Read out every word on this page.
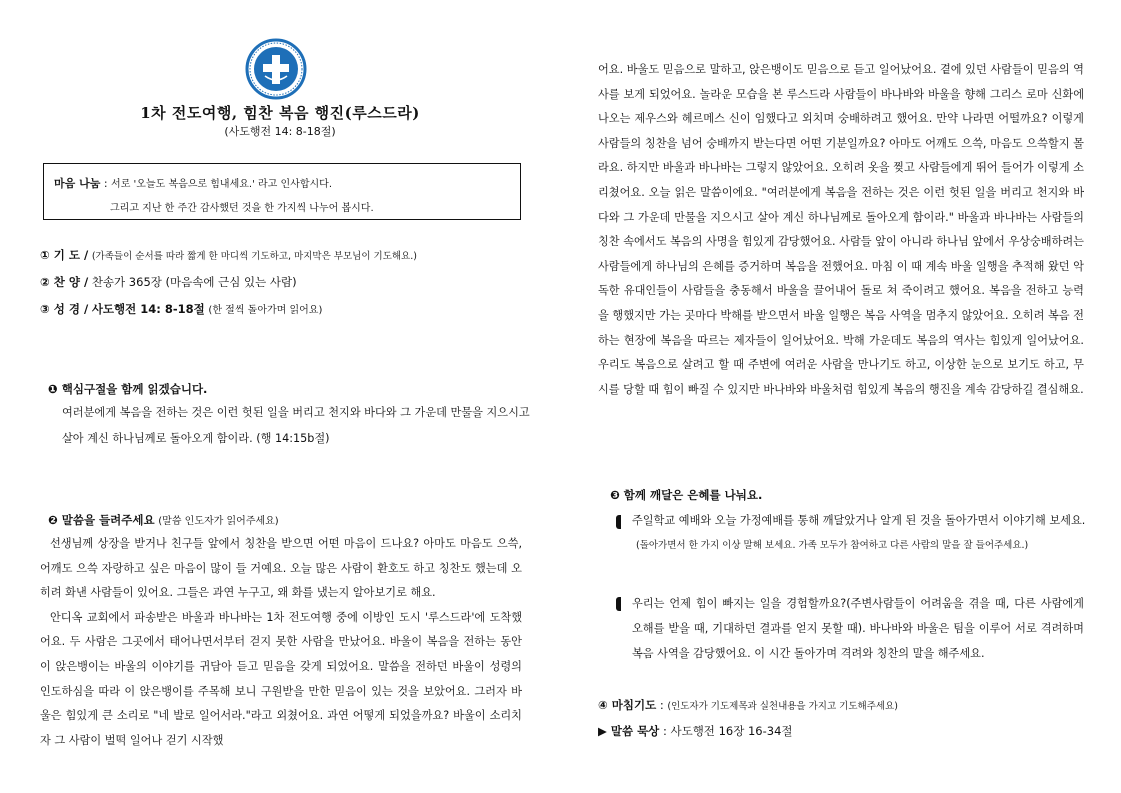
1차 전도여행, 힘찬 복음 행진(루스드라)
(사도행전 14: 8-18절)
마음 나눔 : 서로 '오늘도 복음으로 힘내세요.' 라고 인사합시다.
그리고 지난 한 주간 감사했던 것을 한 가지씩 나누어 봅시다.
① 기 도 / (가족들이 순서를 따라 짧게 한 마디씩 기도하고, 마지막은 부모님이 기도해요.)
② 찬 양 / 찬송가 365장 (마음속에 근심 있는 사람)
③ 성 경 / 사도행전 14: 8-18절 (한 절씩 돌아가며 읽어요)
❶ 핵심구절을 함께 읽겠습니다.
여러분에게 복음을 전하는 것은 이런 헛된 일을 버리고 천지와 바다와 그 가운데 만물을 지으시고
살아 계신 하나님께로 돌아오게 함이라. (행 14:15b절)
❷ 말씀을 들려주세요 (말씀 인도자가 읽어주세요)

선생님께 상장을 받거나 친구들 앞에서 칭찬을 받으면 어떤 마음이 드나요? 아마도 마음도 으쓱, 어깨도 으쓱 자랑하고 싶은 마음이 많이 들 거예요. 오늘 많은 사람이 환호도 하고 칭찬도 했는데 오히려 화낸 사람들이 있어요. 그들은 과연 누구고, 왜 화를 냈는지 알아보기로 해요.

안디옥 교회에서 파송받은 바울과 바나바는 1차 전도여행 중에 이방인 도시 '루스드라'에 도착했어요. 두 사람은 그곳에서 태어나면서부터 걷지 못한 사람을 만났어요. 바울이 복음을 전하는 동안 이 앉은뱅이는 바울의 이야기를 귀담아 듣고 믿음을 갖게 되었어요. 말씀을 전하던 바울이 성령의 인도하심을 따라 이 앉은뱅이를 주목해 보니 구원받을 만한 믿음이 있는 것을 보았어요. 그러자 바울은 힘있게 큰 소리로 "네 발로 일어서라."라고 외쳤어요. 과연 어떻게 되었을까요? 바울이 소리치자 그 사람이 벌떡 일어나 걷기 시작했

어요. 바울도 믿음으로 말하고, 앉은뱅이도 믿음으로 듣고 일어났어요. 곁에 있던 사람들이 믿음의 역사를 보게 되었어요. 놀라운 모습을 본 루스드라 사람들이 바나바와 바울을 향해 그리스 로마 신화에 나오는 제우스와 헤르메스 신이 임했다고 외치며 숭배하려고 했어요. 만약 나라면 어떨까요? 이렇게 사람들의 칭찬을 넘어 숭배까지 받는다면 어떤 기분일까요? 아마도 어깨도 으쓱, 마음도 으쓱할지 몰라요. 하지만 바울과 바나바는 그렇지 않았어요. 오히려 옷을 찢고 사람들에게 뛰어 들어가 이렇게 소리쳤어요. 오늘 읽은 말씀이에요. "여러분에게 복음을 전하는 것은 이런 헛된 일을 버리고 천지와 바다와 그 가운데 만물을 지으시고 살아 계신 하나님께로 돌아오게 함이라." 바울과 바나바는 사람들의 칭찬 속에서도 복음의 사명을 힘있게 감당했어요. 사람들 앞이 아니라 하나님 앞에서 우상숭배하려는 사람들에게 하나님의 은혜를 증거하며 복음을 전했어요. 마침 이 때 계속 바울 일행을 추적해 왔던 악독한 유대인들이 사람들을 충동해서 바울을 끌어내어 돌로 쳐 죽이려고 했어요. 복음을 전하고 능력을 행했지만 가는 곳마다 박해를 받으면서 바울 일행은 복음 사역을 멈추지 않았어요. 오히려 복음 전하는 현장에 복음을 따르는 제자들이 일어났어요. 박해 가운데도 복음의 역사는 힘있게 일어났어요. 우리도 복음으로 살려고 할 때 주변에 여러운 사람을 만나기도 하고, 이상한 눈으로 보기도 하고, 무시를 당할 때 힘이 빠질 수 있지만 바나바와 바울처럼 힘있게 복음의 행진을 계속 감당하길 결심해요.

❸ 함께 깨달은 은혜를 나눠요.
주일학교 예배와 오늘 가정예배를 통해 깨달았거나 알게 된 것을 돌아가면서 이야기해 보세요.
(돌아가면서 한 가지 이상 말해 보세요. 가족 모두가 참여하고 다른 사람의 말을 잘 들어주세요.)
우리는 언제 힘이 빠지는 일을 경험할까요?(주변사람들이 어려움을 겪을 때, 다른 사람에게 오해를 받을 때, 기대하던 결과를 얻지 못할 때). 바나바와 바울은 팀을 이루어 서로 격려하며 복음 사역을 감당했어요. 이 시간 돌아가며 격려와 칭찬의 말을 해주세요.
④ 마침기도 : (인도자가 기도제목과 실천내용을 가지고 기도해주세요)
▶ 말씀 묵상 : 사도행전 16장 16-34절
